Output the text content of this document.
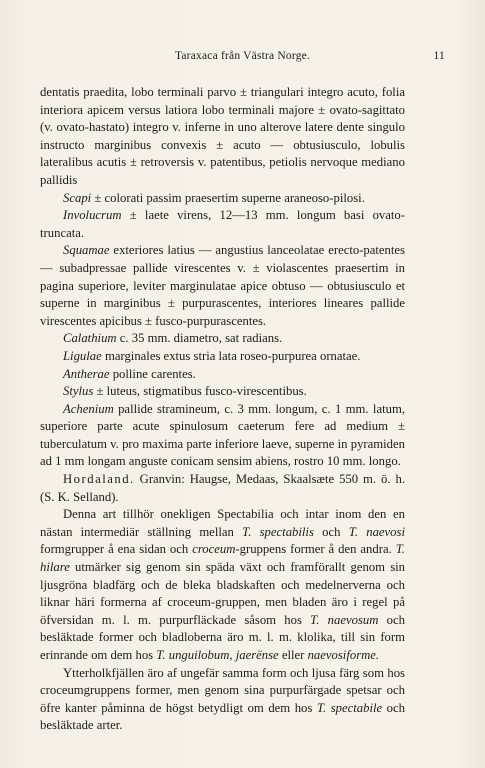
Taraxaca från Västra Norge.	11

dentatis praedita, lobo terminali parvo ± triangulari integro acuto, folia interiora apicem versus latiora lobo terminali majore ± ovato-sagittato (v. ovato-hastato) integro v. inferne in uno alterove latere dente singulo instructo marginibus convexis ± acuto — obtusiusculo, lobulis lateralibus acutis ± retroversis v. patentibus, petiolis nervoque mediano pallidis

Scapi ± colorati passim praesertim superne araneoso-pilosi.

Involucrum ± laete virens, 12—13 mm. longum basi ovato-truncata.

Squamae exteriores latius — angustius lanceolatae erecto-patentes — subadpressae pallide virescentes v. ± violascentes praesertim in pagina superiore, leviter marginulatae apice obtuso — obtusiusculo et superne in marginibus ± purpurascentes, interiores lineares pallide virescentes apicibus ± fusco-purpurascentes.

Calathium c. 35 mm. diametro, sat radians.

Ligulae marginales extus stria lata roseo-purpurea ornatae.

Antherae polline carentes.

Stylus ± luteus, stigmatibus fusco-virescentibus.

Achenium pallide stramineum, c. 3 mm. longum, c. 1 mm. latum, superiore parte acute spinulosum caeterum fere ad medium ± tuberculatum v. pro maxima parte inferiore laeve, superne in pyramiden ad 1 mm longam anguste conicam sensim abiens, rostro 10 mm. longo.

Hordaland. Granvin: Haugse, Medaas, Skaalsæte 550 m. ö. h. (S. K. Selland).

Denna art tillhör onekligen Spectabilia och intar inom den en nästan intermediär ställning mellan T. spectabilis och T. naevosi formgrupper å ena sidan och croceum-gruppens former å den andra. T. hilare utmärker sig genom sin späda växt och framförallt genom sin ljusgröna bladfärg och de bleka bladskaften och medelnerverna och liknar häri formerna af croceum-gruppen, men bladen äro i regel på öfversidan m. l. m. purpurfläckade såsom hos T. naevosum och besläktade former och bladloberna äro m. l. m. klolika, till sin form erinrande om dem hos T. unguilobum, jaerënse eller naevosiforme.

Ytterholkfjällen äro af ungefär samma form och ljusa färg som hos croceumgruppens former, men genom sina purpurfärgade spetsar och öfre kanter påminna de högst betydligt om dem hos T. spectabile och besläktade arter.
